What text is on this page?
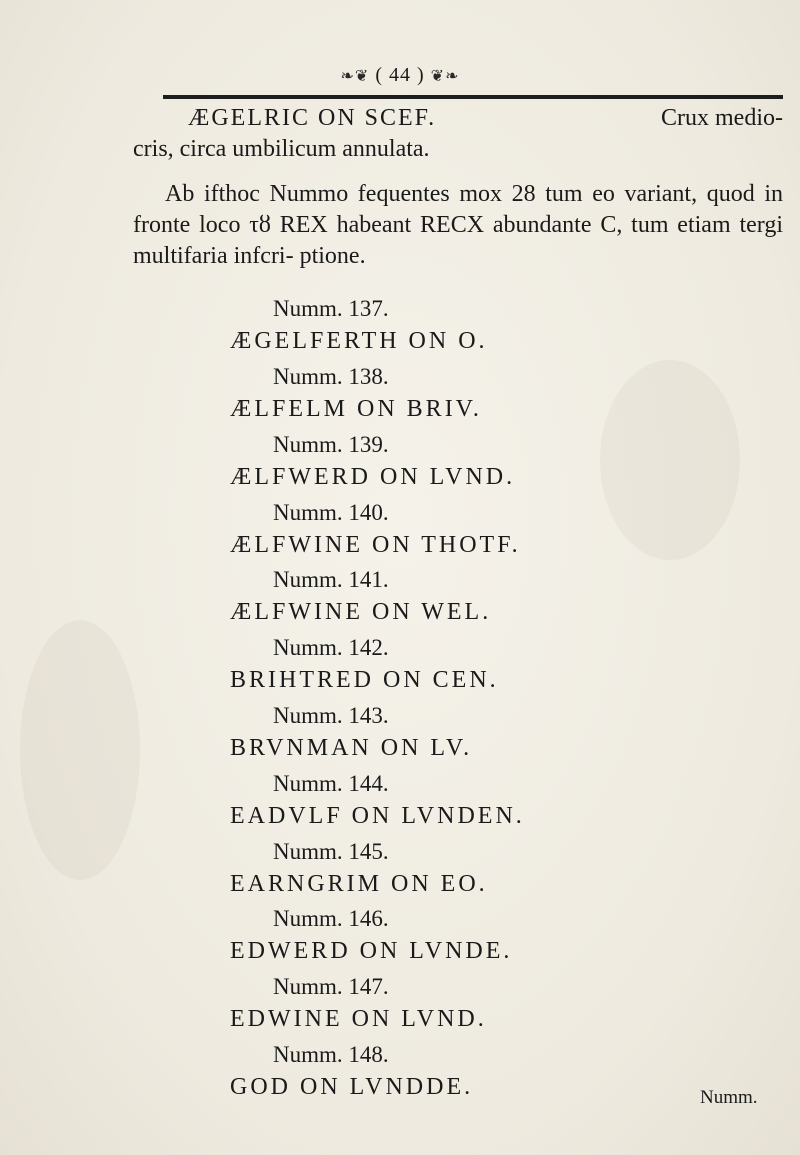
❧❦ ( 44 ) ❦❧
ÆGELRIC ON SCEF.	Crux medio-
cris, circa umbilicum annulata.
Ab ifthoc Nummo fequentes mox 28 tum eo variant, quod in fronte loco τȣ REX habeant RECX abundante C, tum etiam tergi multifaria infcri- ptione.
Numm. 137.
ÆGELFERTH ON O.
Numm. 138.
ÆLFELM ON BRIV.
Numm. 139.
ÆLFWERD ON LVND.
Numm. 140.
ÆLFWINE ON THOTF.
Numm. 141.
ÆLFWINE ON WEL.
Numm. 142.
BRIHTRED ON CEN.
Numm. 143.
BRVNMAN ON LV.
Numm. 144.
EADVLF ON LVNDEN.
Numm. 145.
EARNGRIM ON EO.
Numm. 146.
EDWERD ON LVNDE.
Numm. 147.
EDWINE ON LVND.
Numm.
Numm. 148.
GOD ON LVNDDE.
